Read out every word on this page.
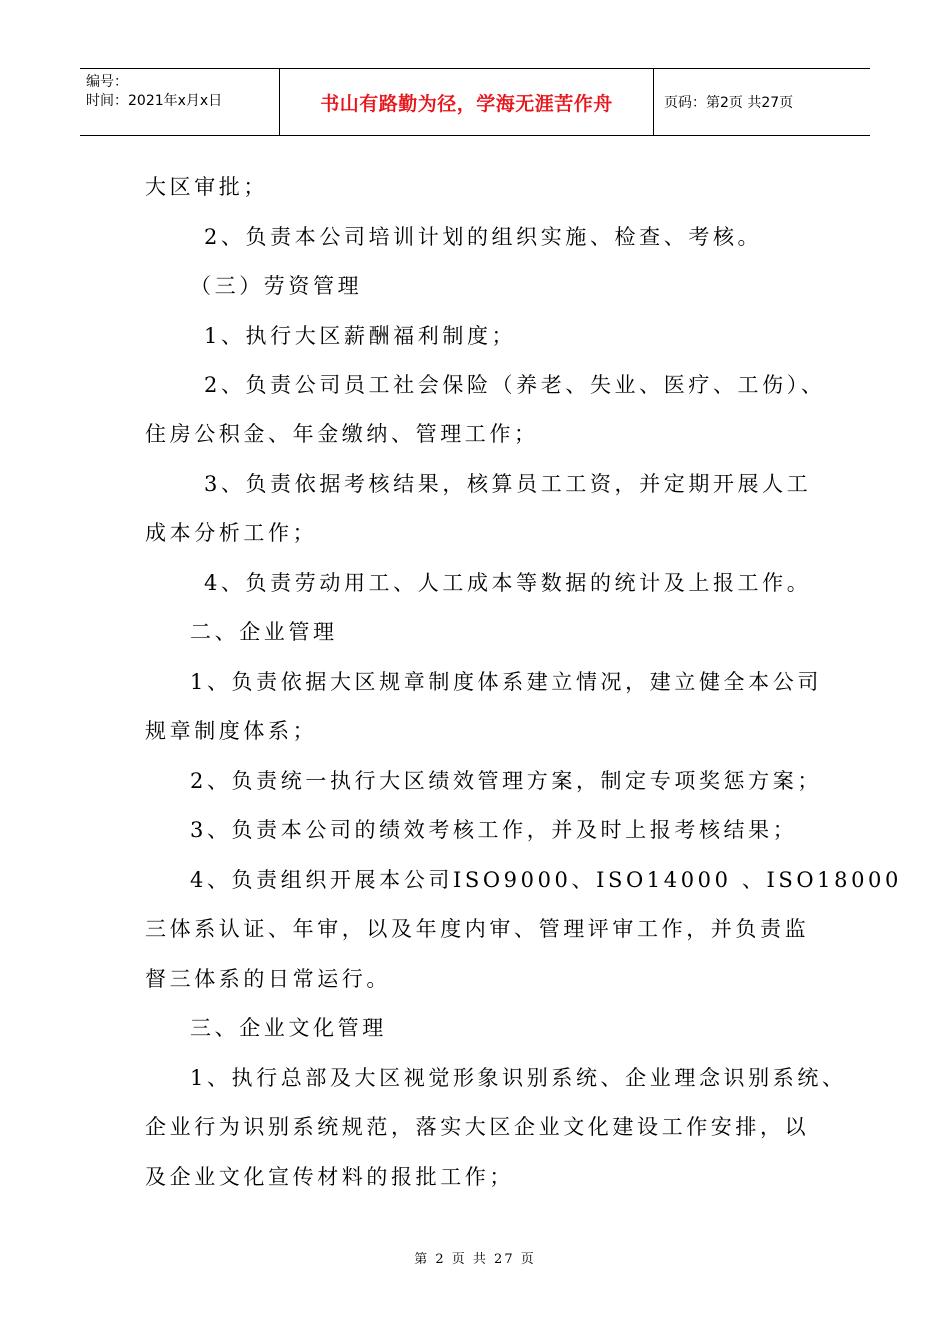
编号：
时间：2021年x月x日	书山有路勤为径，学海无涯苦作舟	页码：第2页 共27页
大区审批；
2、负责本公司培训计划的组织实施、检查、考核。
（三）劳资管理
1、执行大区薪酬福利制度；
2、负责公司员工社会保险（养老、失业、医疗、工伤）、
住房公积金、年金缴纳、管理工作；
3、负责依据考核结果，核算员工工资，并定期开展人工
成本分析工作；
4、负责劳动用工、人工成本等数据的统计及上报工作。
二、企业管理
1、负责依据大区规章制度体系建立情况，建立健全本公司
规章制度体系；
2、负责统一执行大区绩效管理方案，制定专项奖惩方案；
3、负责本公司的绩效考核工作，并及时上报考核结果；
4、负责组织开展本公司ISO9000、ISO14000 、ISO18000
三体系认证、年审，以及年度内审、管理评审工作，并负责监
督三体系的日常运行。
三、企业文化管理
1、执行总部及大区视觉形象识别系统、企业理念识别系统、
企业行为识别系统规范，落实大区企业文化建设工作安排，以
及企业文化宣传材料的报批工作；
第 2 页 共 27 页
